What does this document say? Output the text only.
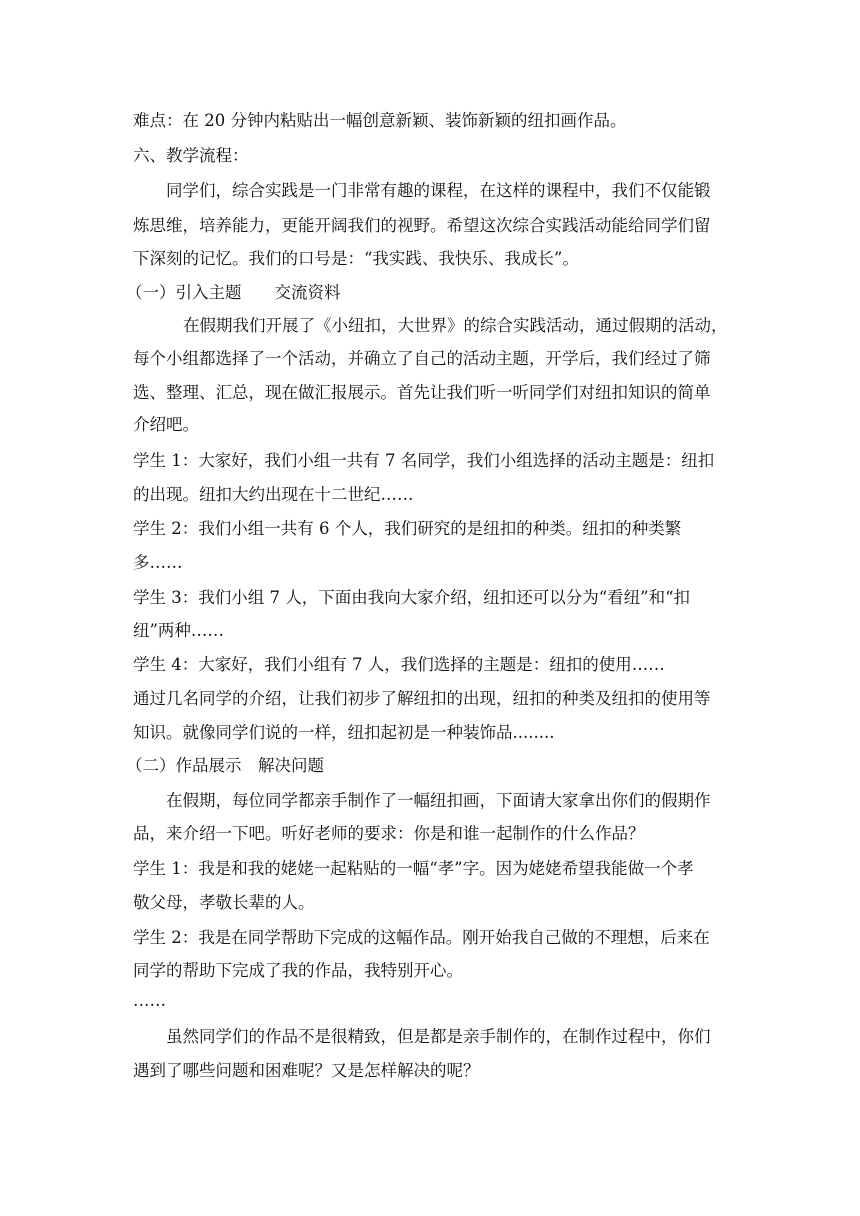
难点：在 20 分钟内粘贴出一幅创意新颖、装饰新颖的纽扣画作品。
六、教学流程：
同学们，综合实践是一门非常有趣的课程，在这样的课程中，我们不仅能锻
炼思维，培养能力，更能开阔我们的视野。希望这次综合实践活动能给同学们留
下深刻的记忆。我们的口号是：“我实践、我快乐、我成长”。
（一）引入主题　　交流资料
在假期我们开展了《小纽扣，大世界》的综合实践活动，通过假期的活动，
每个小组都选择了一个活动，并确立了自己的活动主题，开学后，我们经过了筛
选、整理、汇总，现在做汇报展示。首先让我们听一听同学们对纽扣知识的简单
介绍吧。
学生 1：大家好，我们小组一共有 7 名同学，我们小组选择的活动主题是：纽扣
的出现。纽扣大约出现在十二世纪……
学生 2：我们小组一共有 6 个人，我们研究的是纽扣的种类。纽扣的种类繁
多……
学生 3：我们小组 7 人，下面由我向大家介绍，纽扣还可以分为“看纽”和“扣
纽”两种……
学生 4：大家好，我们小组有 7 人，我们选择的主题是：纽扣的使用……
通过几名同学的介绍，让我们初步了解纽扣的出现，纽扣的种类及纽扣的使用等
知识。就像同学们说的一样，纽扣起初是一种装饰品........
（二）作品展示　解决问题
在假期，每位同学都亲手制作了一幅纽扣画，下面请大家拿出你们的假期作
品，来介绍一下吧。听好老师的要求：你是和谁一起制作的什么作品？
学生 1：我是和我的姥姥一起粘贴的一幅“孝”字。因为姥姥希望我能做一个孝
敬父母，孝敬长辈的人。
学生 2：我是在同学帮助下完成的这幅作品。刚开始我自己做的不理想，后来在
同学的帮助下完成了我的作品，我特别开心。
……
虽然同学们的作品不是很精致，但是都是亲手制作的，在制作过程中，你们
遇到了哪些问题和困难呢？又是怎样解决的呢？
